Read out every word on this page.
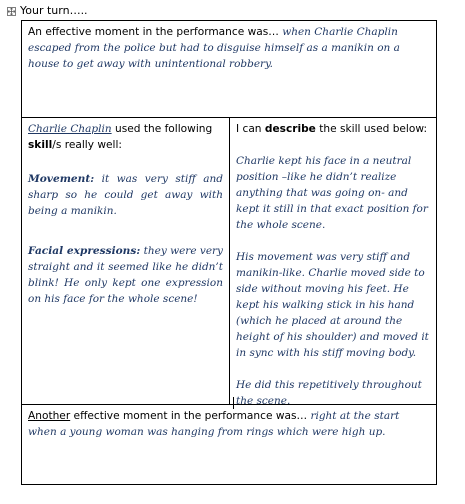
Your turn…..
An effective moment in the performance was… when Charlie Chaplin escaped from the police but had to disguise himself as a manikin on a house to get away with unintentional robbery.

Charlie Chaplin used the following skill/s really well:

Movement: it was very stiff and sharp so he could get away with being a manikin.

Facial expressions: they were very straight and it seemed like he didn’t blink! He only kept one expression on his face for the whole scene!

I can describe the skill used below:

Charlie kept his face in a neutral position –like he didn’t realize anything that was going on- and kept it still in that exact position for the whole scene.

His movement was very stiff and manikin-like. Charlie moved side to side without moving his feet. He kept his walking stick in his hand (which he placed at around the height of his shoulder) and moved it in sync with his stiff moving body.

He did this repetitively throughout the scene.

Another effective moment in the performance was… right at the start when a young woman was hanging from rings which were high up.
